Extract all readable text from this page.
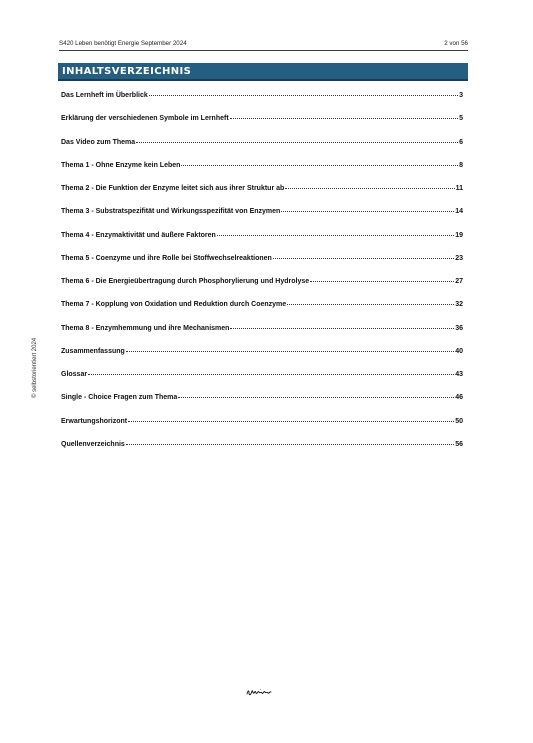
S420 Leben benötigt Energie September 2024	2 von 56
INHALTSVERZEICHNIS
Das Lernheft im Überblick	3
Erklärung der verschiedenen Symbole im Lernheft	5
Das Video zum Thema	6
Thema 1 - Ohne Enzyme kein Leben	8
Thema 2 - Die Funktion der Enzyme leitet sich aus ihrer Struktur ab	11
Thema 3 - Substratspezifität und Wirkungsspezifität von Enzymen	14
Thema 4 - Enzymaktivität und äußere Faktoren	19
Thema 5 - Coenzyme und ihre Rolle bei Stoffwechselreaktionen	23
Thema 6 - Die Energieübertragung durch Phosphorylierung und Hydrolyse	27
Thema 7 - Kopplung von Oxidation und Reduktion durch Coenzyme	32
Thema 8 - Enzymhemmung und ihre Mechanismen	36
Zusammenfassung	40
Glossar	43
Single - Choice Fragen zum Thema	46
Erwartungshorizont	50
Quellenverzeichnis	56
© selbstorientiert 2024
